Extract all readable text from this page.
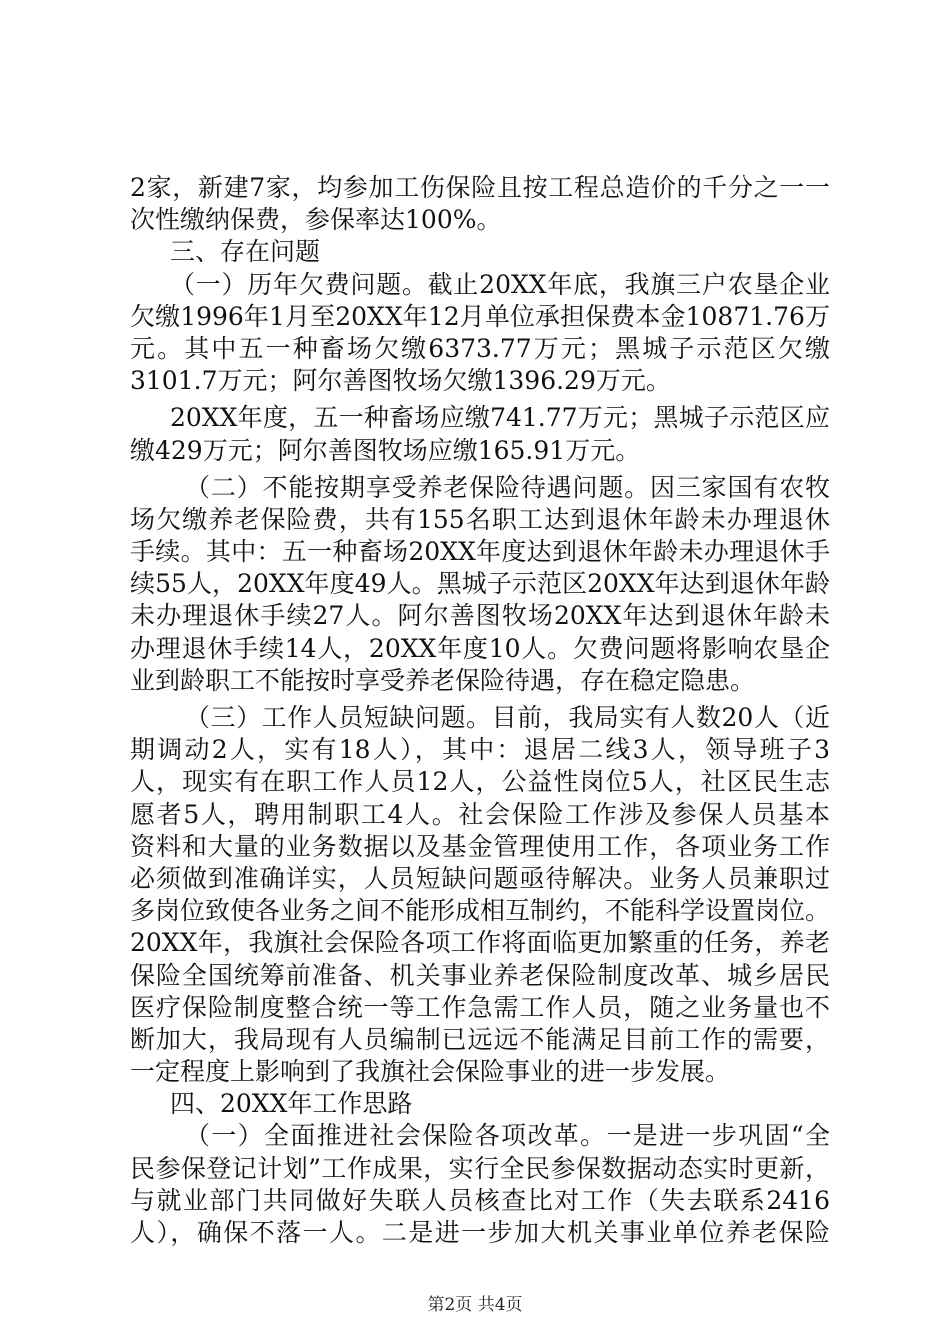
2家，新建7家，均参加工伤保险且按工程总造价的千分之一一
次性缴纳保费，参保率达100%。
三、存在问题
（一）历年欠费问题。截止20XX年底，我旗三户农垦企业
欠缴1996年1月至20XX年12月单位承担保费本金10871.76万
元。其中五一种畜场欠缴6373.77万元；黑城子示范区欠缴
3101.7万元；阿尔善图牧场欠缴1396.29万元。
20XX年度，五一种畜场应缴741.77万元；黑城子示范区应
缴429万元；阿尔善图牧场应缴165.91万元。
（二）不能按期享受养老保险待遇问题。因三家国有农牧
场欠缴养老保险费，共有155名职工达到退休年龄未办理退休
手续。其中：五一种畜场20XX年度达到退休年龄未办理退休手
续55人，20XX年度49人。黑城子示范区20XX年达到退休年龄
未办理退休手续27人。阿尔善图牧场20XX年达到退休年龄未
办理退休手续14人，20XX年度10人。欠费问题将影响农垦企
业到龄职工不能按时享受养老保险待遇，存在稳定隐患。
（三）工作人员短缺问题。目前，我局实有人数20人（近
期调动2人，实有18人），其中：退居二线3人，领导班子3
人，现实有在职工作人员12人，公益性岗位5人，社区民生志
愿者5人，聘用制职工4人。社会保险工作涉及参保人员基本
资料和大量的业务数据以及基金管理使用工作，各项业务工作
必须做到准确详实，人员短缺问题亟待解决。业务人员兼职过
多岗位致使各业务之间不能形成相互制约，不能科学设置岗位。
20XX年，我旗社会保险各项工作将面临更加繁重的任务，养老
保险全国统筹前准备、机关事业养老保险制度改革、城乡居民
医疗保险制度整合统一等工作急需工作人员，随之业务量也不
断加大，我局现有人员编制已远远不能满足目前工作的需要，
一定程度上影响到了我旗社会保险事业的进一步发展。
四、20XX年工作思路
（一）全面推进社会保险各项改革。一是进一步巩固“全
民参保登记计划”工作成果，实行全民参保数据动态实时更新，
与就业部门共同做好失联人员核查比对工作（失去联系2416
人），确保不落一人。二是进一步加大机关事业单位养老保险
第2页 共4页
